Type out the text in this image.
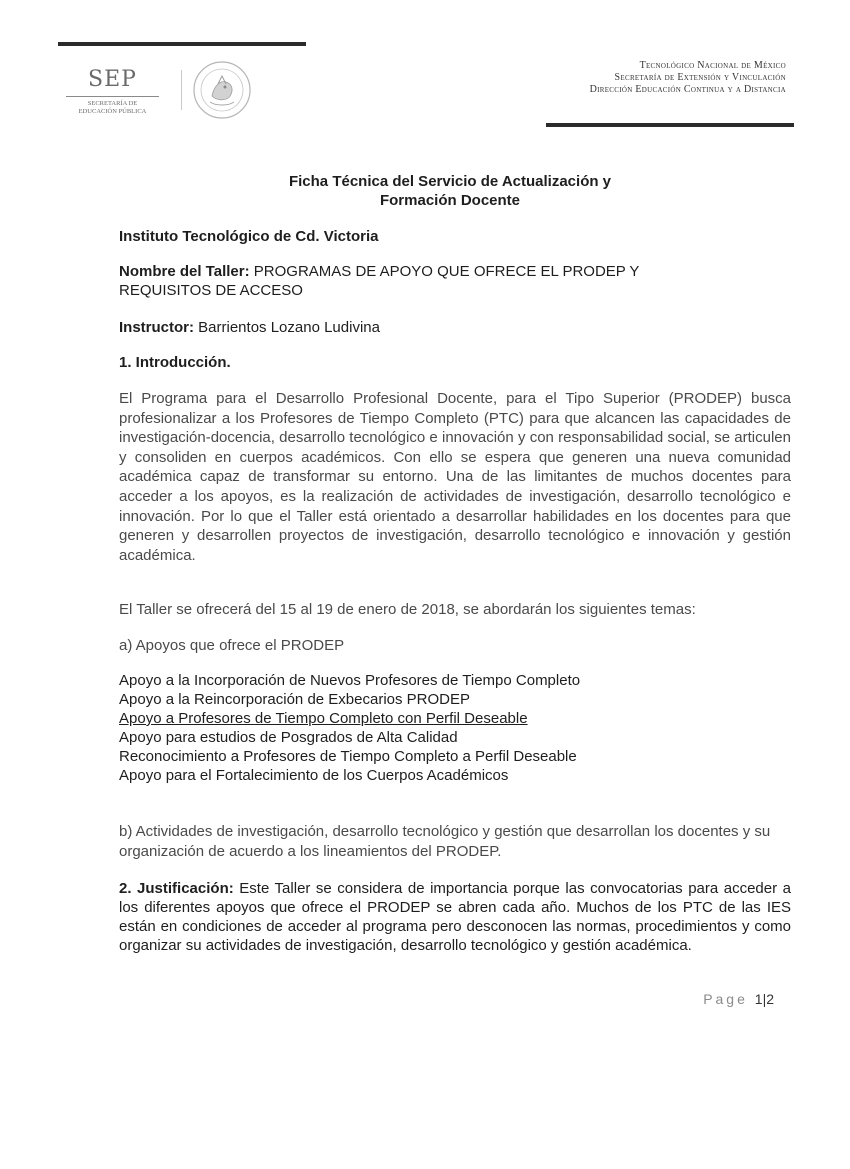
SEP
SECRETARÍA DE
EDUCACIÓN PÚBLICA
Tecnológico Nacional de México
Secretaría de Extensión y Vinculación
Dirección Educación Continua y a Distancia
Ficha Técnica del Servicio de Actualización y
Formación Docente
Instituto Tecnológico de Cd. Victoria
Nombre del Taller: PROGRAMAS DE APOYO QUE OFRECE EL PRODEP Y REQUISITOS DE ACCESO
Instructor: Barrientos Lozano Ludivina
1. Introducción.
El Programa para el Desarrollo Profesional Docente, para el Tipo Superior (PRODEP) busca profesionalizar a los Profesores de Tiempo Completo (PTC) para que alcancen las capacidades de investigación-docencia, desarrollo tecnológico e innovación y con responsabilidad social, se articulen y consoliden en cuerpos académicos. Con ello se espera que generen una nueva comunidad académica capaz de transformar su entorno. Una de las limitantes de muchos docentes para acceder a los apoyos, es la realización de actividades de investigación, desarrollo tecnológico e innovación. Por lo que el Taller está orientado a desarrollar habilidades en los docentes para que generen y desarrollen proyectos de investigación, desarrollo tecnológico e innovación y gestión académica.
El Taller se ofrecerá del 15 al 19 de enero de 2018, se abordarán los siguientes temas:
a) Apoyos que ofrece el PRODEP
Apoyo a la Incorporación de Nuevos Profesores de Tiempo Completo
Apoyo a la Reincorporación de Exbecarios PRODEP
Apoyo a Profesores de Tiempo Completo con Perfil Deseable
Apoyo para estudios de Posgrados de Alta Calidad
Reconocimiento a Profesores de Tiempo Completo a Perfil Deseable
Apoyo para el Fortalecimiento de los Cuerpos Académicos
b) Actividades de investigación, desarrollo tecnológico y gestión que desarrollan los docentes y su organización de acuerdo a los lineamientos del PRODEP.
2. Justificación: Este Taller se considera de importancia porque las convocatorias para acceder a los diferentes apoyos que ofrece el PRODEP se abren cada año. Muchos de los PTC de las IES están en condiciones de acceder al programa pero desconocen las normas, procedimientos y como organizar su actividades de investigación, desarrollo tecnológico y gestión académica.
Page 1|2
